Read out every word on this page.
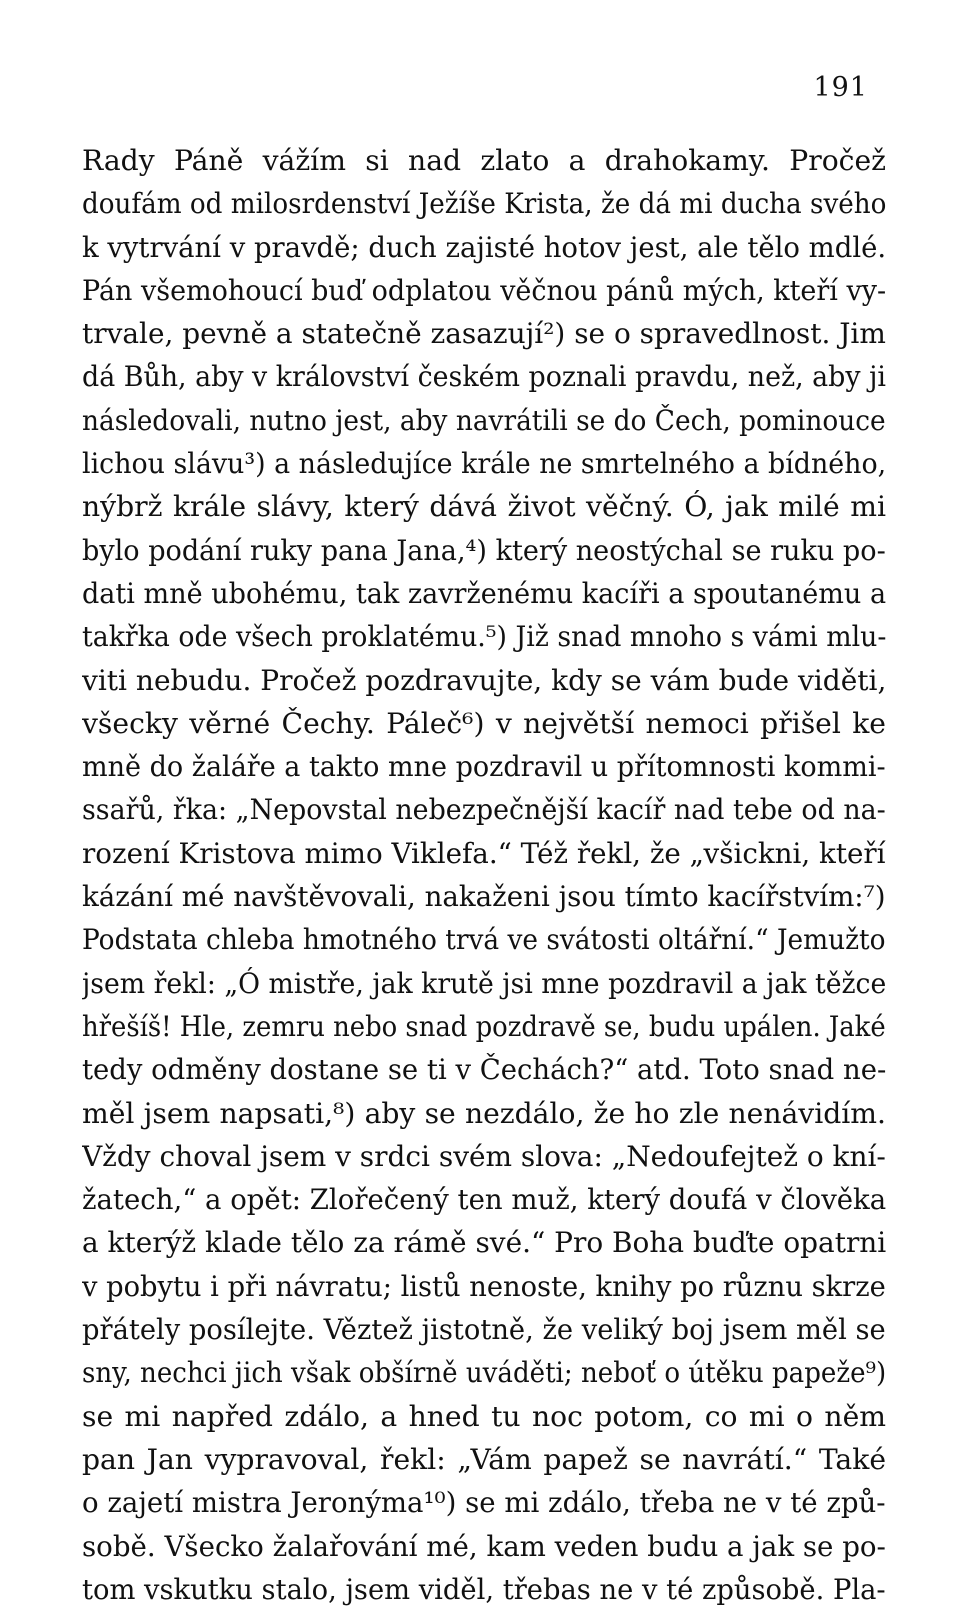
191
Rady Páně vážím si nad zlato a drahokamy. Pročež
doufám od milosrdenství Ježíše Krista, že dá mi ducha svého
k vytrvání v pravdě; duch zajisté hotov jest, ale tělo mdlé.
Pán všemohoucí buď odplatou věčnou pánů mých, kteří vy-
trvale, pevně a statečně zasazují²) se o spravedlnost. Jim
dá Bůh, aby v království českém poznali pravdu, než, aby ji
následovali, nutno jest, aby navrátili se do Čech, pominouce
lichou slávu³) a následujíce krále ne smrtelného a bídného,
nýbrž krále slávy, který dává život věčný. Ó, jak milé mi
bylo podání ruky pana Jana,⁴) který neostýchal se ruku po-
dati mně ubohému, tak zavrženému kacíři a spoutanému a
takřka ode všech proklatému.⁵) Již snad mnoho s vámi mlu-
viti nebudu. Pročež pozdravujte, kdy se vám bude viděti,
všecky věrné Čechy. Páleč⁶) v největší nemoci přišel ke
mně do žaláře a takto mne pozdravil u přítomnosti kommi-
ssařů, řka: „Nepovstal nebezpečnější kacíř nad tebe od na-
rození Kristova mimo Viklefa.“ Též řekl, že „všickni, kteří
kázání mé navštěvovali, nakaženi jsou tímto kacířstvím:⁷)
Podstata chleba hmotného trvá ve svátosti oltářní.“ Jemužto
jsem řekl: „Ó mistře, jak krutě jsi mne pozdravil a jak těžce
hřešíš! Hle, zemru nebo snad pozdravě se, budu upálen. Jaké
tedy odměny dostane se ti v Čechách?“ atd. Toto snad ne-
měl jsem napsati,⁸) aby se nezdálo, že ho zle nenávidím.
Vždy choval jsem v srdci svém slova: „Nedoufejtež o kní-
žatech,“ a opět: Zlořečený ten muž, který doufá v člověka
a kterýž klade tělo za rámě své.“ Pro Boha buďte opatrni
v pobytu i při návratu; listů nenoste, knihy po různu skrze
přátely posílejte. Věztež jistotně, že veliký boj jsem měl se
sny, nechci jich však obšírně uváděti; neboť o útěku papeže⁹)
se mi napřed zdálo, a hned tu noc potom, co mi o něm
pan Jan vypravoval, řekl: „Vám papež se navrátí.“ Také
o zajetí mistra Jeronýma¹⁰) se mi zdálo, třeba ne v té způ-
sobě. Všecko žalařování mé, kam veden budu a jak se po-
tom vskutku stalo, jsem viděl, třebas ne v té způsobě. Pla-
